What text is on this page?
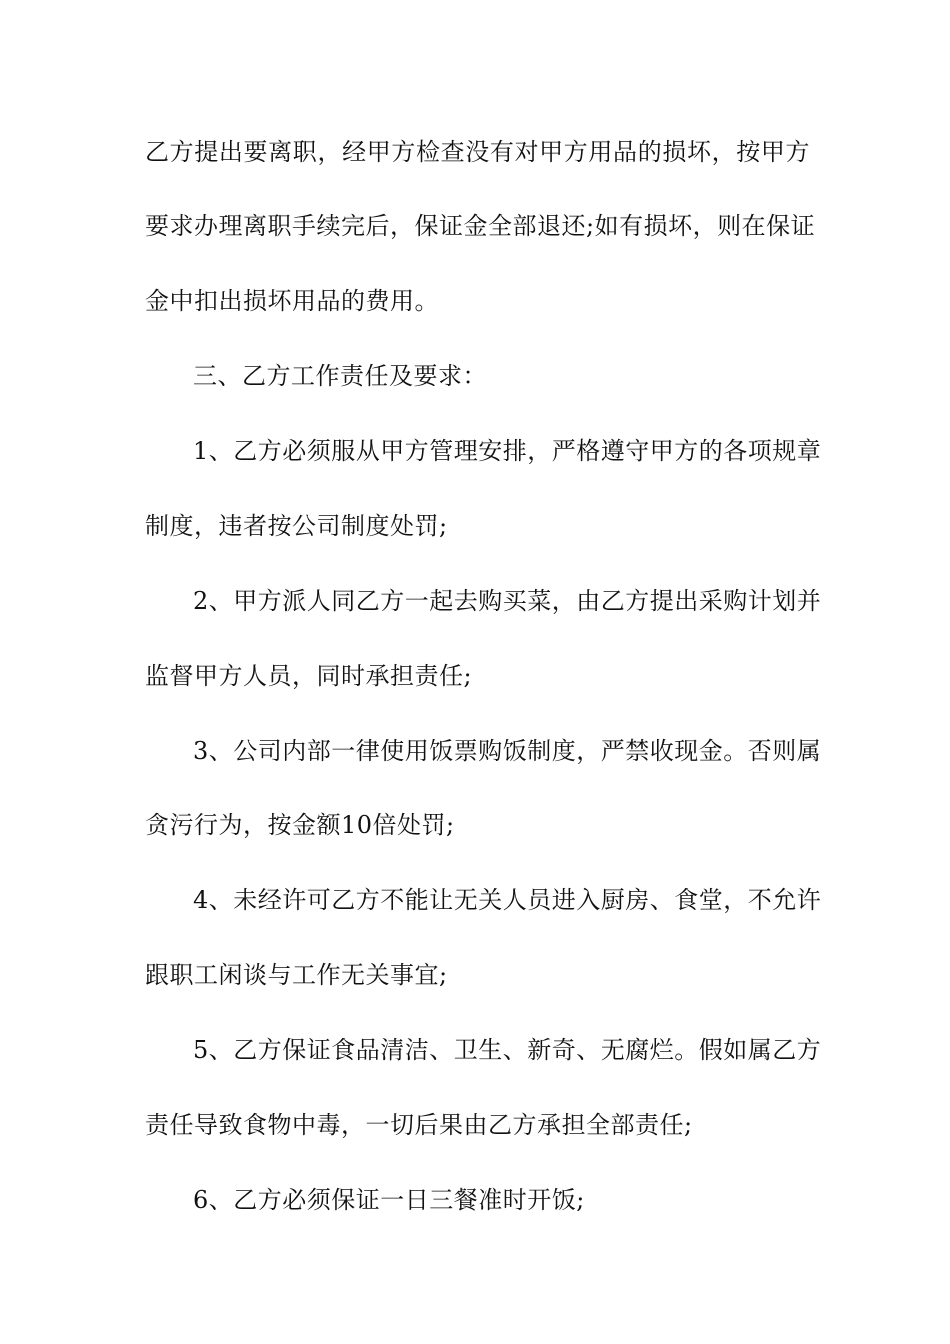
乙方提出要离职，经甲方检查没有对甲方用品的损坏，按甲方
要求办理离职手续完后，保证金全部退还;如有损坏，则在保证
金中扣出损坏用品的费用。
三、乙方工作责任及要求：
1、乙方必须服从甲方管理安排，严格遵守甲方的各项规章
制度，违者按公司制度处罚;
2、甲方派人同乙方一起去购买菜，由乙方提出采购计划并
监督甲方人员，同时承担责任;
3、公司内部一律使用饭票购饭制度，严禁收现金。否则属
贪污行为，按金额10倍处罚;
4、未经许可乙方不能让无关人员进入厨房、食堂，不允许
跟职工闲谈与工作无关事宜;
5、乙方保证食品清洁、卫生、新奇、无腐烂。假如属乙方
责任导致食物中毒，一切后果由乙方承担全部责任;
6、乙方必须保证一日三餐准时开饭;
